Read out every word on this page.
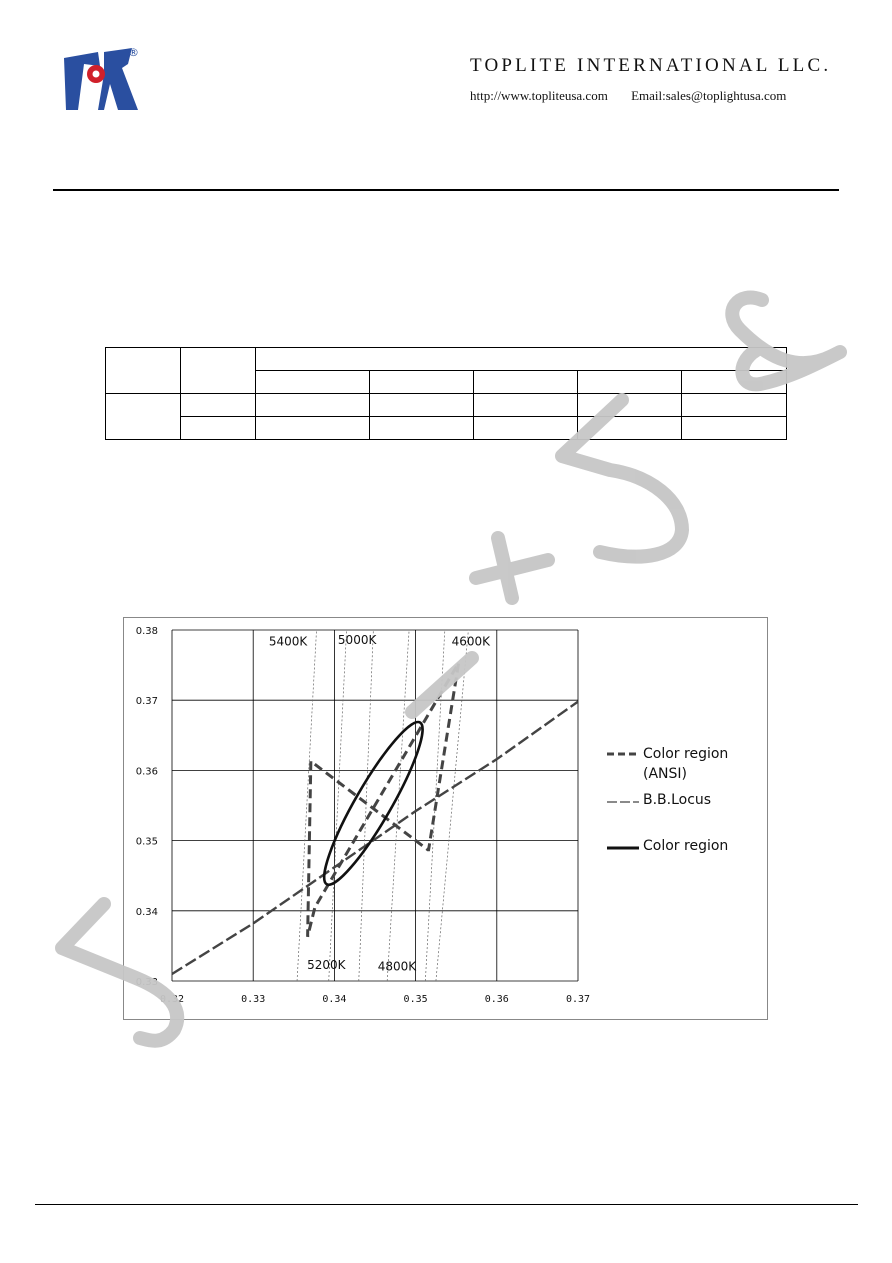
®
TOPLITE INTERNATIONAL LLC.
http://www.topliteusa.com Email:sales@toplightusa.com

0.32	0.33	0.34	0.35	0.36	0.37
0.33
0.34
0.35
0.36
0.37
0.38
5400K	5000K	4600K
5200K	4800K
Color region (ANSI)
B.B.Locus
Color region
